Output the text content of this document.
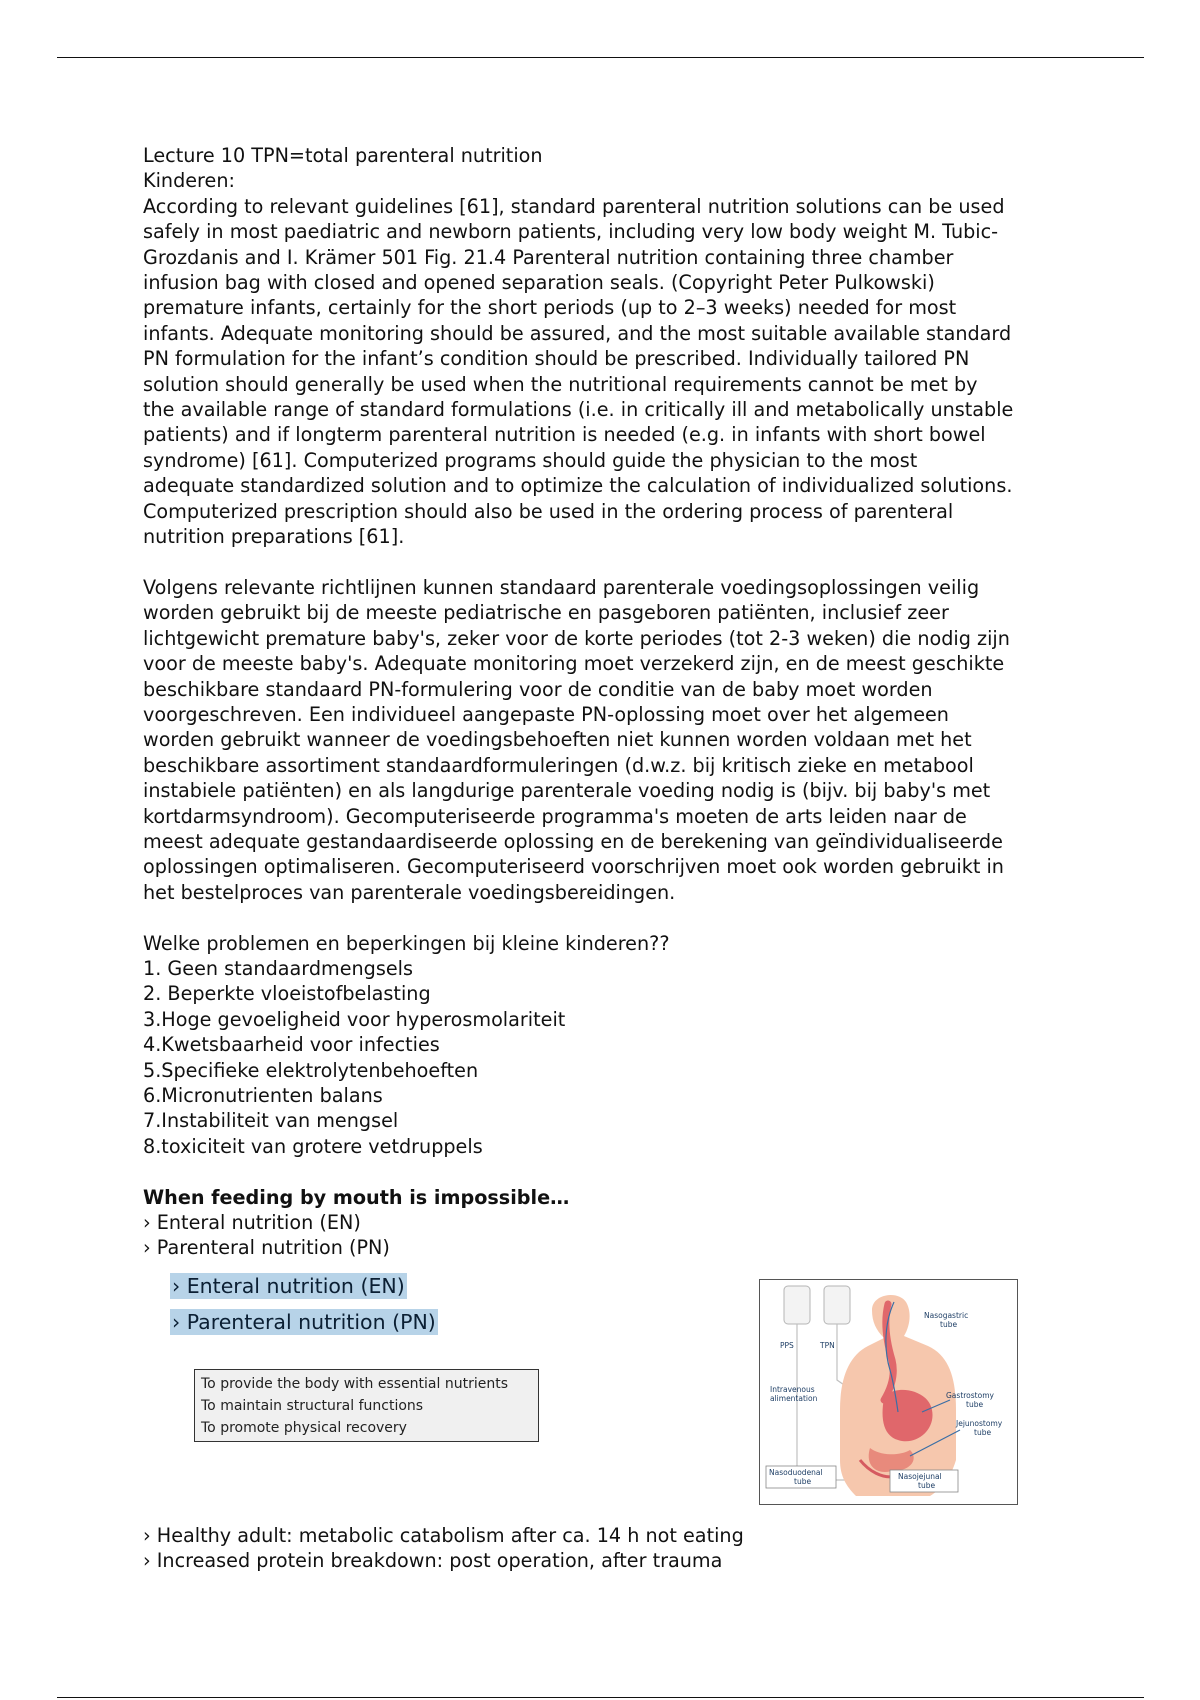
Lecture 10 TPN=total parenteral nutrition

Kinderen:

According to relevant guidelines [61], standard parenteral nutrition solutions can be used

safely in most paediatric and newborn patients, including very low body weight M. Tubic-

Grozdanis and I. Krämer 501 Fig. 21.4 Parenteral nutrition containing three chamber

infusion bag with closed and opened separation seals. (Copyright Peter Pulkowski)

premature infants, certainly for the short periods (up to 2–3 weeks) needed for most

infants. Adequate monitoring should be assured, and the most suitable available standard

PN formulation for the infant’s condition should be prescribed. Individually tailored PN

solution should generally be used when the nutritional requirements cannot be met by

the available range of standard formulations (i.e. in critically ill and metabolically unstable

patients) and if longterm parenteral nutrition is needed (e.g. in infants with short bowel

syndrome) [61]. Computerized programs should guide the physician to the most

adequate standardized solution and to optimize the calculation of individualized solutions.

Computerized prescription should also be used in the ordering process of parenteral

nutrition preparations [61].

Volgens relevante richtlijnen kunnen standaard parenterale voedingsoplossingen veilig

worden gebruikt bij de meeste pediatrische en pasgeboren patiënten, inclusief zeer

lichtgewicht premature baby's, zeker voor de korte periodes (tot 2-3 weken) die nodig zijn

voor de meeste baby's. Adequate monitoring moet verzekerd zijn, en de meest geschikte

beschikbare standaard PN-formulering voor de conditie van de baby moet worden

voorgeschreven. Een individueel aangepaste PN-oplossing moet over het algemeen

worden gebruikt wanneer de voedingsbehoeften niet kunnen worden voldaan met het

beschikbare assortiment standaardformuleringen (d.w.z. bij kritisch zieke en metabool

instabiele patiënten) en als langdurige parenterale voeding nodig is (bijv. bij baby's met

kortdarmsyndroom). Gecomputeriseerde programma's moeten de arts leiden naar de

meest adequate gestandaardiseerde oplossing en de berekening van geïndividualiseerde

oplossingen optimaliseren. Gecomputeriseerd voorschrijven moet ook worden gebruikt in

het bestelproces van parenterale voedingsbereidingen.

Welke problemen en beperkingen bij kleine kinderen??

1. Geen standaardmengsels

2. Beperkte vloeistofbelasting

3.Hoge gevoeligheid voor hyperosmolariteit

4.Kwetsbaarheid voor infecties

5.Specifieke elektrolytenbehoeften

6.Micronutrienten balans

7.Instabiliteit van mengsel

8.toxiciteit van grotere vetdruppels

When feeding by mouth is impossible…

› Enteral nutrition (EN)

› Parenteral nutrition (PN)

› Enteral nutrition (EN)
› Parenteral nutrition (PN)
To provide the body with essential nutrients
To maintain structural functions
To promote physical recovery
Nasogastric
tube
PPS	TPN
Intravenous
alimentation	Gastrostomy
tube
Jejunostomy
tube
Nasoduodenal
tube
Nasojejunal
tube

› Healthy adult: metabolic catabolism after ca. 14 h not eating

› Increased protein breakdown: post operation, after trauma
